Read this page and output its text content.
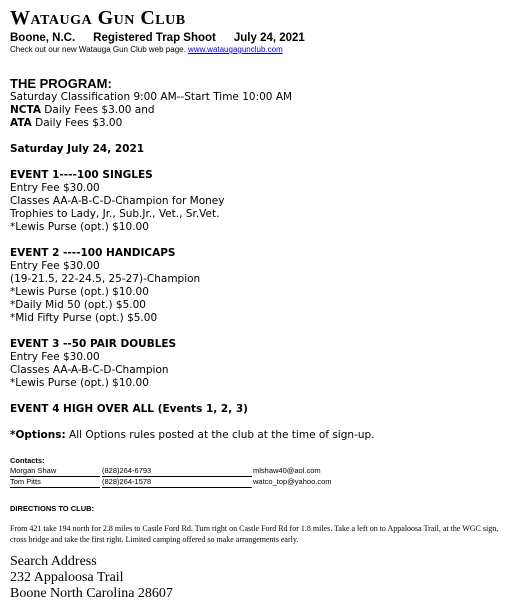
Watauga Gun Club
Boone, N.C. Registered Trap Shoot July 24, 2021
Check out our new Watauga Gun Club web page. www.wataugagunclub.com
THE PROGRAM:
Saturday Classification 9:00 AM--Start Time 10:00 AM
NCTA Daily Fees $3.00 and
ATA Daily Fees $3.00
Saturday July 24, 2021
EVENT 1----100 SINGLES
Entry Fee $30.00
Classes AA-A-B-C-D-Champion for Money
Trophies to Lady, Jr., Sub.Jr., Vet., Sr.Vet.
*Lewis Purse (opt.) $10.00
EVENT 2 ----100 HANDICAPS
Entry Fee $30.00
(19-21.5, 22-24.5, 25-27)-Champion
*Lewis Purse (opt.) $10.00
*Daily Mid 50 (opt.) $5.00
*Mid Fifty Purse (opt.) $5.00
EVENT 3 --50 PAIR DOUBLES
Entry Fee $30.00
Classes AA-A-B-C-D-Champion
*Lewis Purse (opt.) $10.00
EVENT 4 HIGH OVER ALL (Events 1, 2, 3)
*Options: All Options rules posted at the club at the time of sign-up.
Contacts:
Morgan Shaw	(828)264-6793	mlshaw40@aol.com
Tom Pitts	(828)264-1578	watco_top@yahoo.com
DIRECTIONS TO CLUB:
From 421 take 194 north for 2.8 miles to Castle Ford Rd. Turn right on Castle Ford Rd for 1.8 miles. Take a left on to Appaloosa Trail, at the WGC sign, cross bridge and take the first right. Limited camping offered so make arrangements early.
Search Address
232 Appaloosa Trail
Boone North Carolina 28607
